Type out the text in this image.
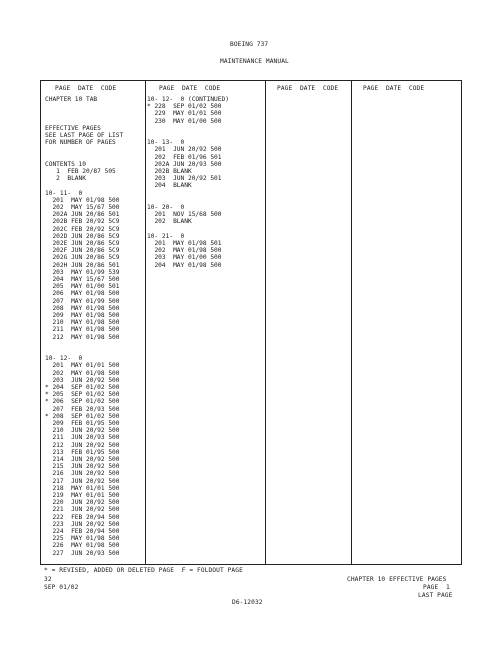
BOEING 737
MAINTENANCE MANUAL
PAGE  DATE  CODE	PAGE  DATE  CODE	PAGE  DATE  CODE	PAGE  DATE  CODE
CHAPTER 10 TAB
EFFECTIVE PAGES
SEE LAST PAGE OF LIST
FOR NUMBER OF PAGES
CONTENTS 10
1  FEB 20/87 505
2  BLANK
10- 11-  0
201  MAY 01/98 500
202  MAY 15/67 500
202A JUN 20/86 501
202B FEB 20/92 5C9
202C FEB 20/92 5C9
202D JUN 20/86 5C9
202E JUN 20/86 5C9
202F JUN 20/86 5C9
202G JUN 20/86 5C9
202H JUN 20/86 501
203  MAY 01/99 539
204  MAY 15/67 500
205  MAY 01/00 501
206  MAY 01/98 500
207  MAY 01/99 500
208  MAY 01/98 500
209  MAY 01/98 500
210  MAY 01/98 500
211  MAY 01/98 500
212  MAY 01/98 500
10- 12-  0
201  MAY 01/01 500
202  MAY 01/98 500
203  JUN 20/92 500
* 204  SEP 01/02 500
* 205  SEP 01/02 500
* 206  SEP 01/02 500
207  FEB 20/93 500
* 208  SEP 01/02 500
209  FEB 01/95 500
210  JUN 20/92 500
211  JUN 20/93 500
212  JUN 20/92 500
213  FEB 01/95 500
214  JUN 20/92 500
215  JUN 20/92 500
216  JUN 20/92 500
217  JUN 20/92 500
218  MAY 01/01 500
219  MAY 01/01 500
220  JUN 20/92 500
221  JUN 20/92 500
222  FEB 20/94 500
223  JUN 20/92 500
224  FEB 20/94 500
225  MAY 01/98 500
226  MAY 01/98 500
227  JUN 20/93 500
10- 12-  0 (CONTINUED)
* 228  SEP 01/02 500
229  MAY 01/01 500
230  MAY 01/00 500
10- 13-  0
201  JUN 20/92 500
202  FEB 01/96 501
202A JUN 20/93 500
202B BLANK
203  JUN 20/92 501
204  BLANK
10- 20-  0
201  NOV 15/68 500
202  BLANK
10- 21-  0
201  MAY 01/98 501
202  MAY 01/98 500
203  MAY 01/00 500
204  MAY 01/98 500
* = REVISED, ADDED OR DELETED PAGE  F = FOLDOUT PAGE
32
SEP 01/02
CHAPTER 10 EFFECTIVE PAGES
PAGE  1
LAST PAGE
D6-12032
